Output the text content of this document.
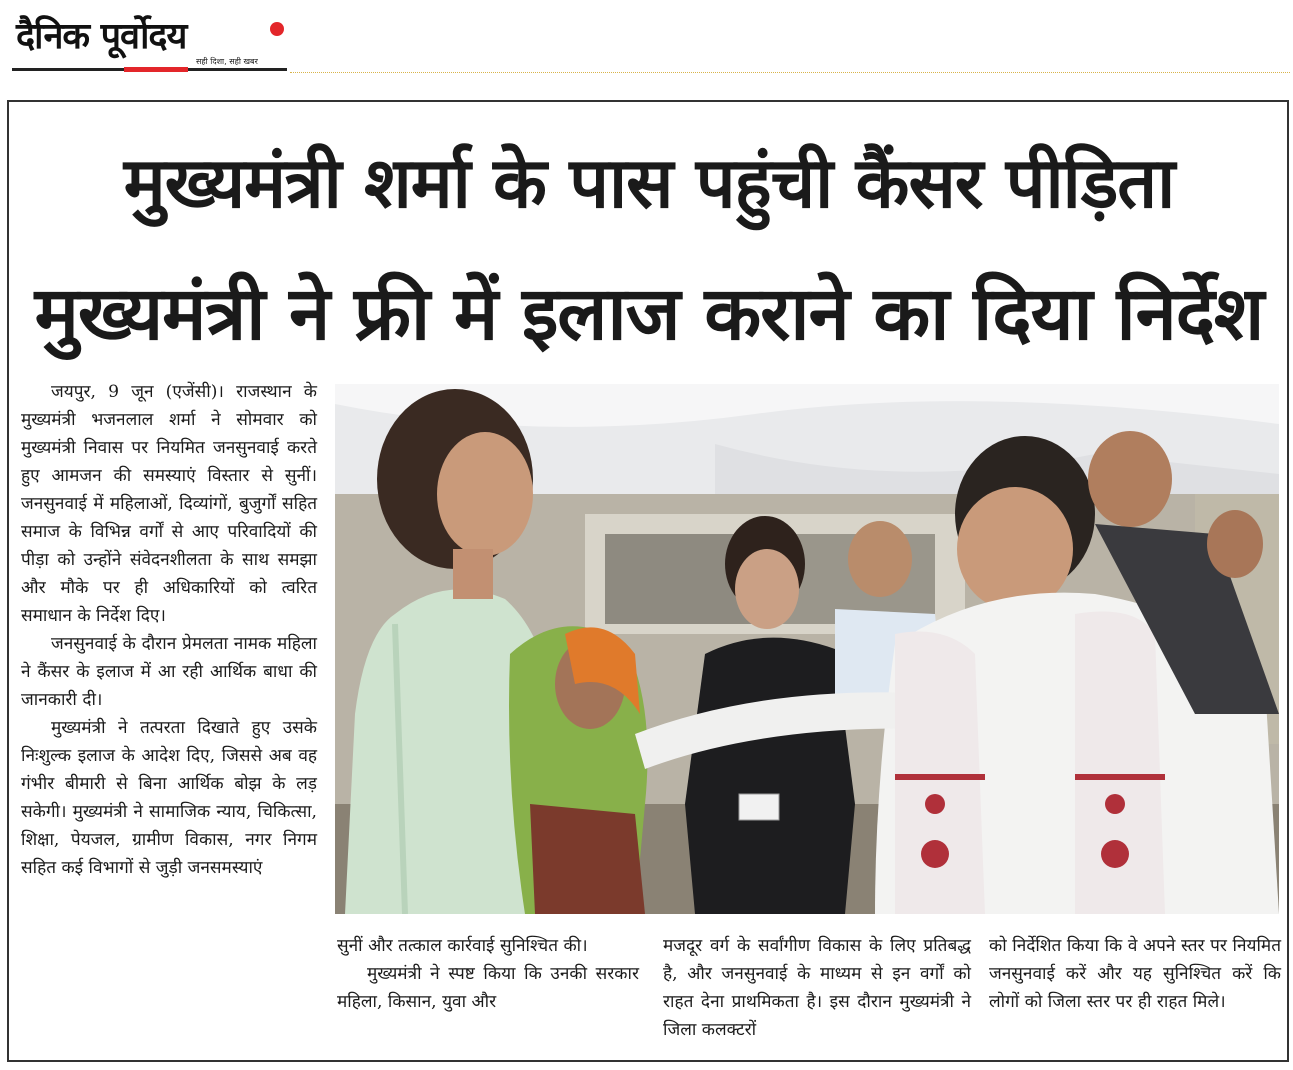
दैनिक पूर्वोदय
सही दिशा, सही खबर
मुख्यमंत्री शर्मा के पास पहुंची कैंसर पीड़िता
मुख्यमंत्री ने फ्री में इलाज कराने का दिया निर्देश

जयपुर, 9 जून (एजेंसी)। राजस्थान के मुख्यमंत्री भजनलाल शर्मा ने सोमवार को मुख्यमंत्री निवास पर नियमित जनसुनवाई करते हुए आमजन की समस्याएं विस्तार से सुनीं। जनसुनवाई में महिलाओं, दिव्यांगों, बुजुर्गों सहित समाज के विभिन्न वर्गों से आए परिवादियों की पीड़ा को उन्होंने संवेदनशीलता के साथ समझा और मौके पर ही अधिकारियों को त्वरित समाधान के निर्देश दिए।

जनसुनवाई के दौरान प्रेमलता नामक महिला ने कैंसर के इलाज में आ रही आर्थिक बाधा की जानकारी दी।

मुख्यमंत्री ने तत्परता दिखाते हुए उसके निःशुल्क इलाज के आदेश दिए, जिससे अब वह गंभीर बीमारी से बिना आर्थिक बोझ के लड़ सकेगी। मुख्यमंत्री ने सामाजिक न्याय, चिकित्सा, शिक्षा, पेयजल, ग्रामीण विकास, नगर निगम सहित कई विभागों से जुड़ी जनसमस्याएं

सुनीं और तत्काल कार्रवाई सुनिश्चित की।

मुख्यमंत्री ने स्पष्ट किया कि उनकी सरकार महिला, किसान, युवा और

मजदूर वर्ग के सर्वांगीण विकास के लिए प्रतिबद्ध है, और जनसुनवाई के माध्यम से इन वर्गों को राहत देना प्राथमिकता है। इस दौरान मुख्यमंत्री ने जिला कलक्टरों

को निर्देशित किया कि वे अपने स्तर पर नियमित जनसुनवाई करें और यह सुनिश्चित करें कि लोगों को जिला स्तर पर ही राहत मिले।
